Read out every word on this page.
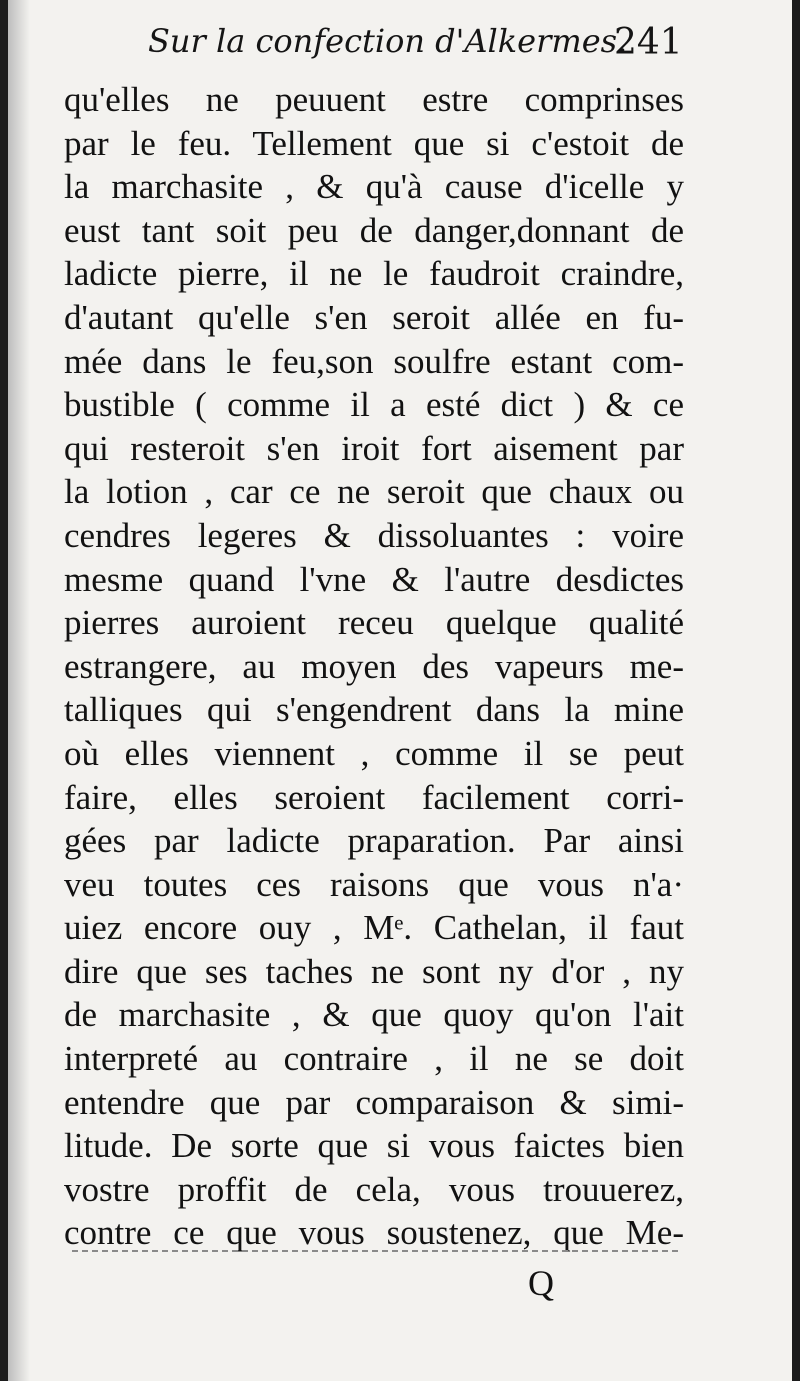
Sur la confection d'Alkermes.
241
qu'elles ne peuuent estre comprinses
par le feu. Tellement que si c'estoit de
la marchasite , & qu'à cause d'icelle y
eust tant soit peu de danger,donnant de
ladicte pierre, il ne le faudroit craindre,
d'autant qu'elle s'en seroit allée en fu-
mée dans le feu,son soulfre estant com-
bustible ( comme il a esté dict ) & ce
qui resteroit s'en iroit fort aisement par
la lotion , car ce ne seroit que chaux ou
cendres legeres & dissoluantes : voire
mesme quand l'vne & l'autre desdictes
pierres auroient receu quelque qualité
estrangere, au moyen des vapeurs me-
talliques qui s'engendrent dans la mine
où elles viennent , comme il se peut
faire, elles seroient facilement corri-
gées par ladicte praparation. Par ainsi
veu toutes ces raisons que vous n'a·
uiez encore ouy , Mᵉ. Cathelan, il faut
dire que ses taches ne sont ny d'or , ny
de marchasite , & que quoy qu'on l'ait
interpreté au contraire , il ne se doit
entendre que par comparaison & simi-
litude. De sorte que si vous faictes bien
vostre proffit de cela, vous trouuerez,
contre ce que vous soustenez, que Me-
Q
